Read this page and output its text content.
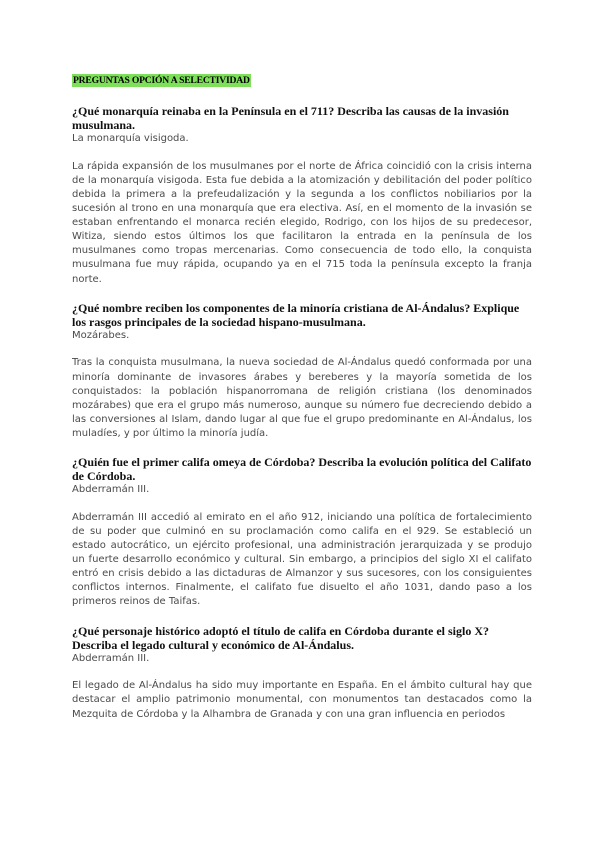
PREGUNTAS OPCIÓN A SELECTIVIDAD

¿Qué monarquía reinaba en la Península en el 711? Describa las causas de la invasión musulmana.

La monarquía visigoda.

La rápida expansión de los musulmanes por el norte de África coincidió con la crisis interna de la monarquía visigoda. Esta fue debida a la atomización y debilitación del poder político debida la primera a la prefeudalización y la segunda a los conflictos nobiliarios por la sucesión al trono en una monarquía que era electiva. Así, en el momento de la invasión se estaban enfrentando el monarca recién elegido, Rodrigo, con los hijos de su predecesor, Witiza, siendo estos últimos los que facilitaron la entrada en la península de los musulmanes como tropas mercenarias. Como consecuencia de todo ello, la conquista musulmana fue muy rápida, ocupando ya en el 715 toda la península excepto la franja norte.

¿Qué nombre reciben los componentes de la minoría cristiana de Al-Ándalus? Explique los rasgos principales de la sociedad hispano-musulmana.

Mozárabes.

Tras la conquista musulmana, la nueva sociedad de Al-Ándalus quedó conformada por una minoría dominante de invasores árabes y bereberes y la mayoría sometida de los conquistados: la población hispanorromana de religión cristiana (los denominados mozárabes) que era el grupo más numeroso, aunque su número fue decreciendo debido a las conversiones al Islam, dando lugar al que fue el grupo predominante en Al-Ándalus, los muladíes, y por último la minoría judía.

¿Quién fue el primer califa omeya de Córdoba? Describa la evolución política del Califato de Córdoba.

Abderramán III.

Abderramán III accedió al emirato en el año 912, iniciando una política de fortalecimiento de su poder que culminó en su proclamación como califa en el 929. Se estableció un estado autocrático, un ejército profesional, una administración jerarquizada y se produjo un fuerte desarrollo económico y cultural. Sin embargo, a principios del siglo XI el califato entró en crisis debido a las dictaduras de Almanzor y sus sucesores, con los consiguientes conflictos internos. Finalmente, el califato fue disuelto el año 1031, dando paso a los primeros reinos de Taifas.

¿Qué personaje histórico adoptó el título de califa en Córdoba durante el siglo X? Describa el legado cultural y económico de Al-Ándalus.

Abderramán III.

El legado de Al-Ándalus ha sido muy importante en España. En el ámbito cultural hay que destacar el amplio patrimonio monumental, con monumentos tan destacados como la Mezquita de Córdoba y la Alhambra de Granada y con una gran influencia en periodos
